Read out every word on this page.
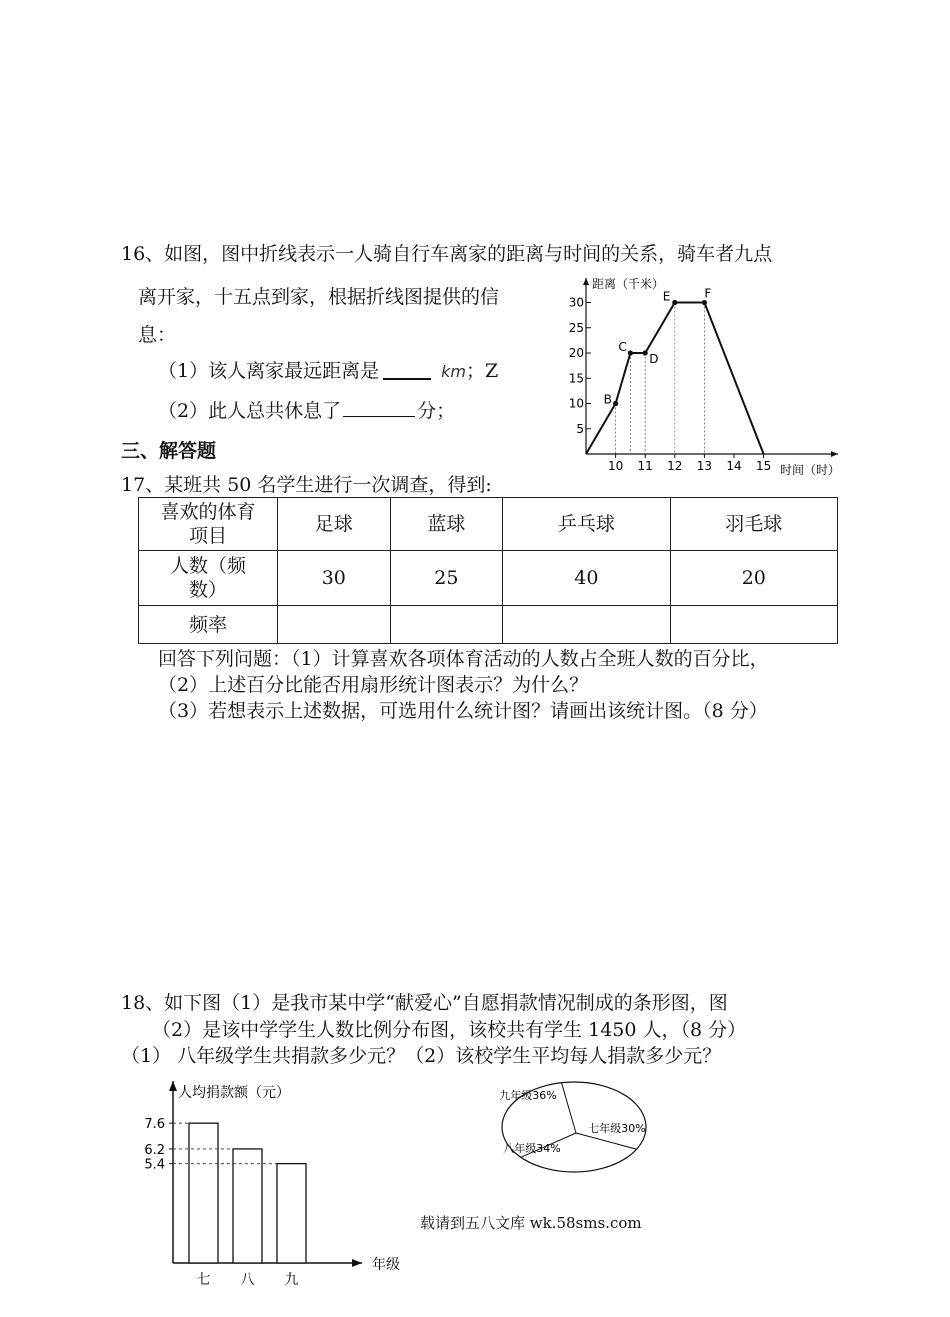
16、如图，图中折线表示一人骑自行车离家的距离与时间的关系，骑车者九点
离开家，十五点到家，根据折线图提供的信
息：
（1）该人离家最远距离是	km；Z
（2）此人总共休息了	分；
距离（千米）
时间（时）
10 11 12 13 14 15
5
10
15
20
25
30
B
C
D
E	F
三、解答题
17、某班共 50 名学生进行一次调查，得到:
喜欢的体育
项目	足球	蓝球	乒乓球	羽毛球

人数（频
数）	30	25	40	20
频率				
回答下列问题：（1）计算喜欢各项体育活动的人数占全班人数的百分比，
（2）上述百分比能否用扇形统计图表示？为什么？
（3）若想表示上述数据，可选用什么统计图？请画出该统计图。（8 分）
18、如下图（1）是我市某中学“献爱心”自愿捐款情况制成的条形图，图
（2）是该中学学生人数比例分布图，该校共有学生 1450 人，（8 分）
（1） 八年级学生共捐款多少元？（2）该校学生平均每人捐款多少元？
人均捐款额（元）
年级
7.6
七
6.2
八
5.4
九
九年级36%
七年级30%
八年级34%
载请到五八文库 wk.58sms.com
